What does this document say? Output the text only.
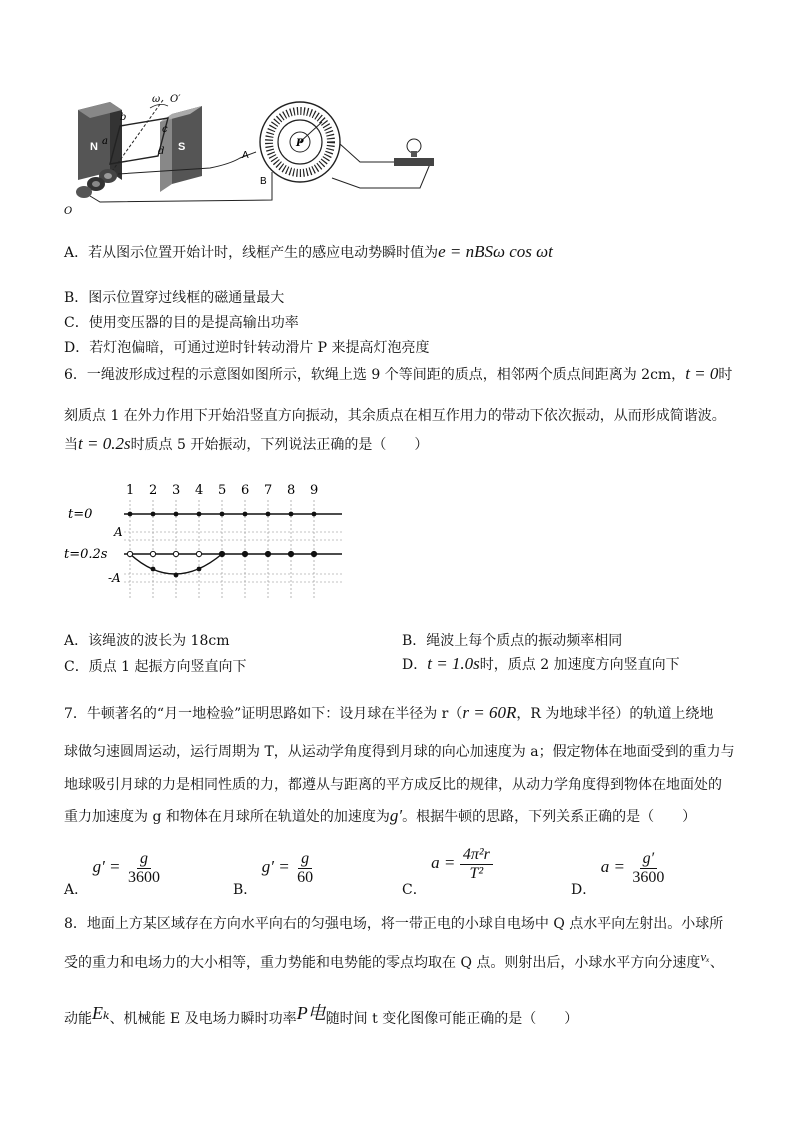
N	S
a
b
c
d
ω O′
O
A
B
P
A．若从图示位置开始计时，线框产生的感应电动势瞬时值为e = nBSω cos ωt
B．图示位置穿过线框的磁通量最大
C．使用变压器的目的是提高输出功率
D．若灯泡偏暗，可通过逆时针转动滑片 P 来提高灯泡亮度
6．一绳波形成过程的示意图如图所示，软绳上选 9 个等间距的质点，相邻两个质点间距离为 2cm，t = 0时
刻质点 1 在外力作用下开始沿竖直方向振动，其余质点在相互作用力的带动下依次振动，从而形成简谐波。
当t = 0.2s时质点 5 开始振动，下列说法正确的是（　　）
1 2 3 4 5 6 7 8 9
t=0
t=0.2s
A
-A
A．该绳波的波长为 18cm	B．绳波上每个质点的振动频率相同
C．质点 1 起振方向竖直向下	D．t = 1.0s时，质点 2 加速度方向竖直向下
7．牛顿著名的“月一地检验”证明思路如下：设月球在半径为 r（r = 60R，R 为地球半径）的轨道上绕地
球做匀速圆周运动，运行周期为 T，从运动学角度得到月球的向心加速度为 a；假定物体在地面受到的重力与
地球吸引月球的力是相同性质的力，都遵从与距离的平方成反比的规律，从动力学角度得到物体在地面处的
重力加速度为 g 和物体在月球所在轨道处的加速度为g′。根据牛顿的思路，下列关系正确的是（　　）
A． $g' = \frac{g}{3600}$
B． $g' = \frac{g}{60}$
C． $a = \frac{\text{4π²r}}{\text{T²}}$
D． $a = \frac{g'}{3600}$
8．地面上方某区域存在方向水平向右的匀强电场，将一带正电的小球自电场中 Q 点水平向左射出。小球所
受的重力和电场力的大小相等，重力势能和电势能的零点均取在 Q 点。则射出后，小球水平方向分速度vₓ、
动能Eₖ、机械能 E 及电场力瞬时功率P电随时间 t 变化图像可能正确的是（　　）
